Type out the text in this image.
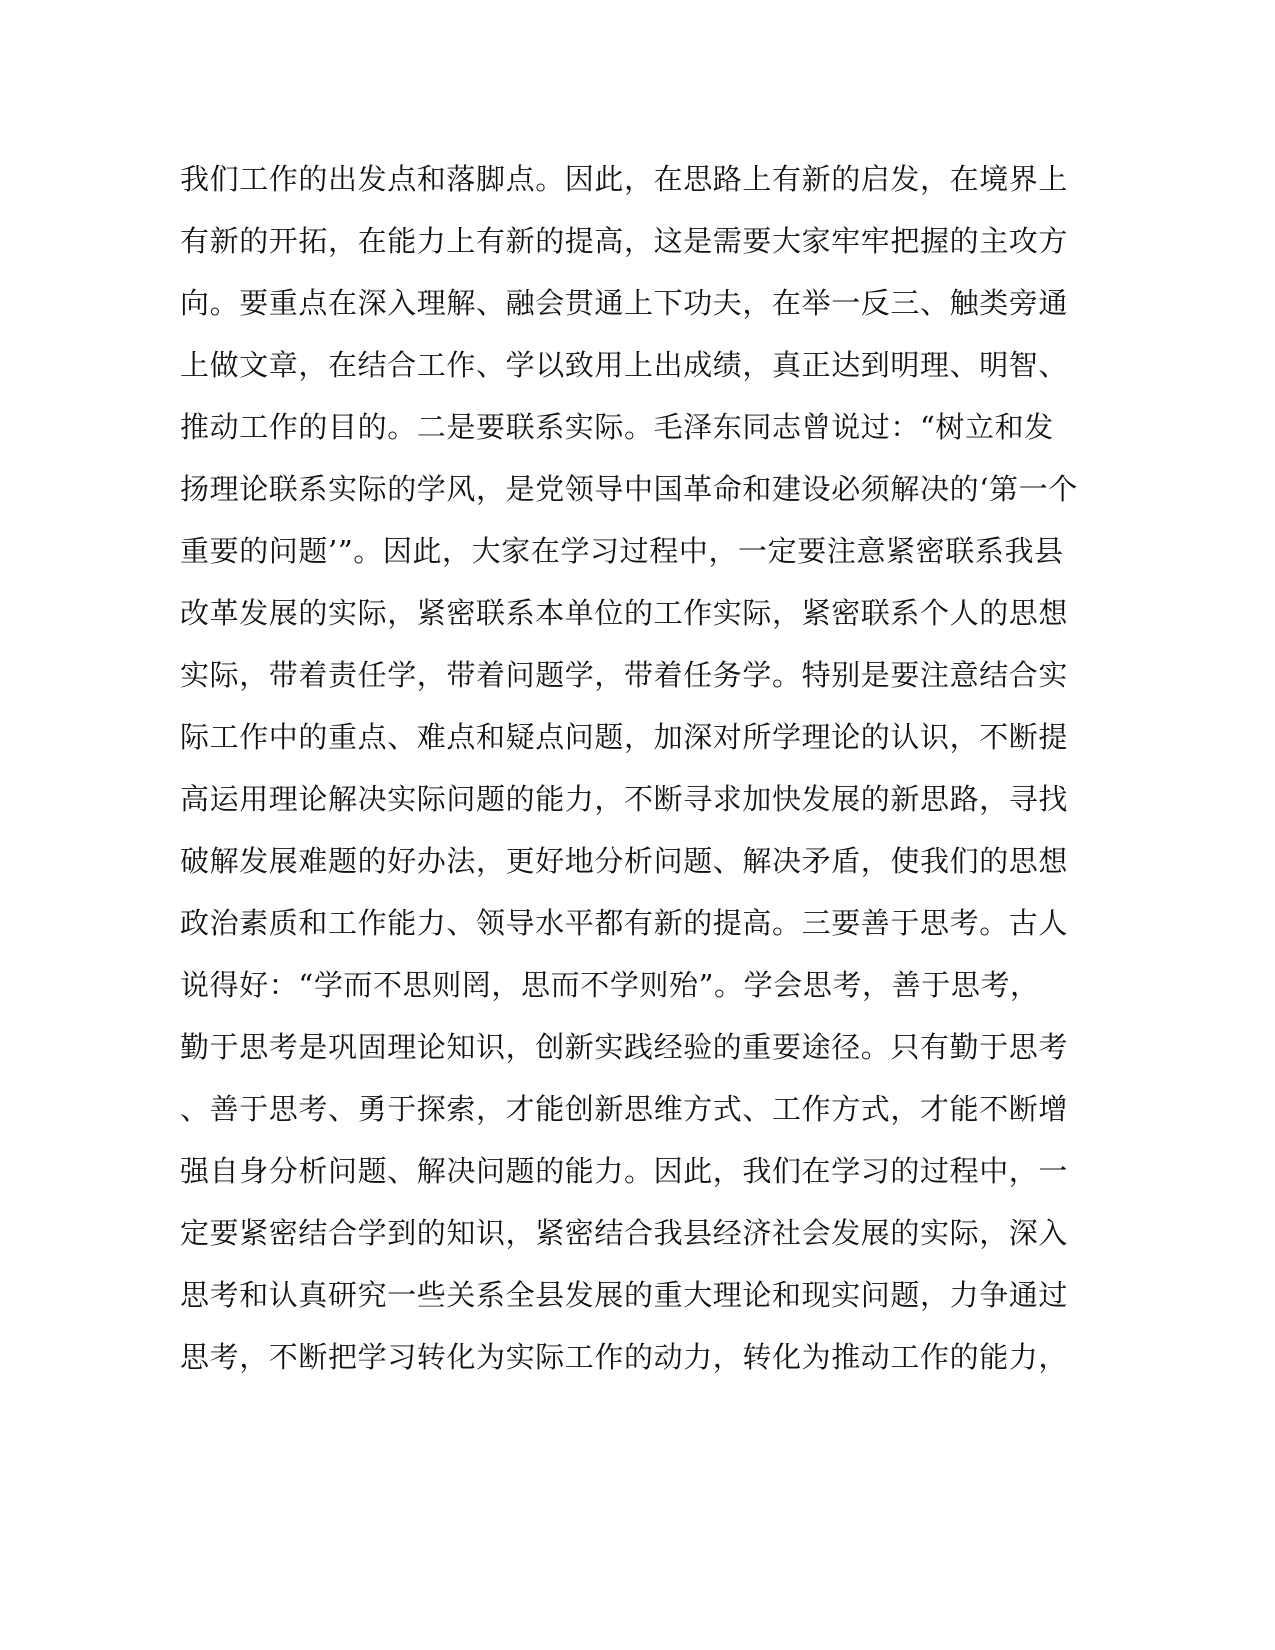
我们工作的出发点和落脚点。因此，在思路上有新的启发，在境界上
有新的开拓，在能力上有新的提高，这是需要大家牢牢把握的主攻方
向。要重点在深入理解、融会贯通上下功夫，在举一反三、触类旁通
上做文章，在结合工作、学以致用上出成绩，真正达到明理、明智、
推动工作的目的。二是要联系实际。毛泽东同志曾说过：“树立和发
扬理论联系实际的学风，是党领导中国革命和建设必须解决的‘第一个
重要的问题’”。因此，大家在学习过程中，一定要注意紧密联系我县
改革发展的实际，紧密联系本单位的工作实际，紧密联系个人的思想
实际，带着责任学，带着问题学，带着任务学。特别是要注意结合实
际工作中的重点、难点和疑点问题，加深对所学理论的认识，不断提
高运用理论解决实际问题的能力，不断寻求加快发展的新思路，寻找
破解发展难题的好办法，更好地分析问题、解决矛盾，使我们的思想
政治素质和工作能力、领导水平都有新的提高。三要善于思考。古人
说得好：“学而不思则罔，思而不学则殆”。学会思考，善于思考，
勤于思考是巩固理论知识，创新实践经验的重要途径。只有勤于思考
、善于思考、勇于探索，才能创新思维方式、工作方式，才能不断增
强自身分析问题、解决问题的能力。因此，我们在学习的过程中，一
定要紧密结合学到的知识，紧密结合我县经济社会发展的实际，深入
思考和认真研究一些关系全县发展的重大理论和现实问题，力争通过
思考，不断把学习转化为实际工作的动力，转化为推动工作的能力，
